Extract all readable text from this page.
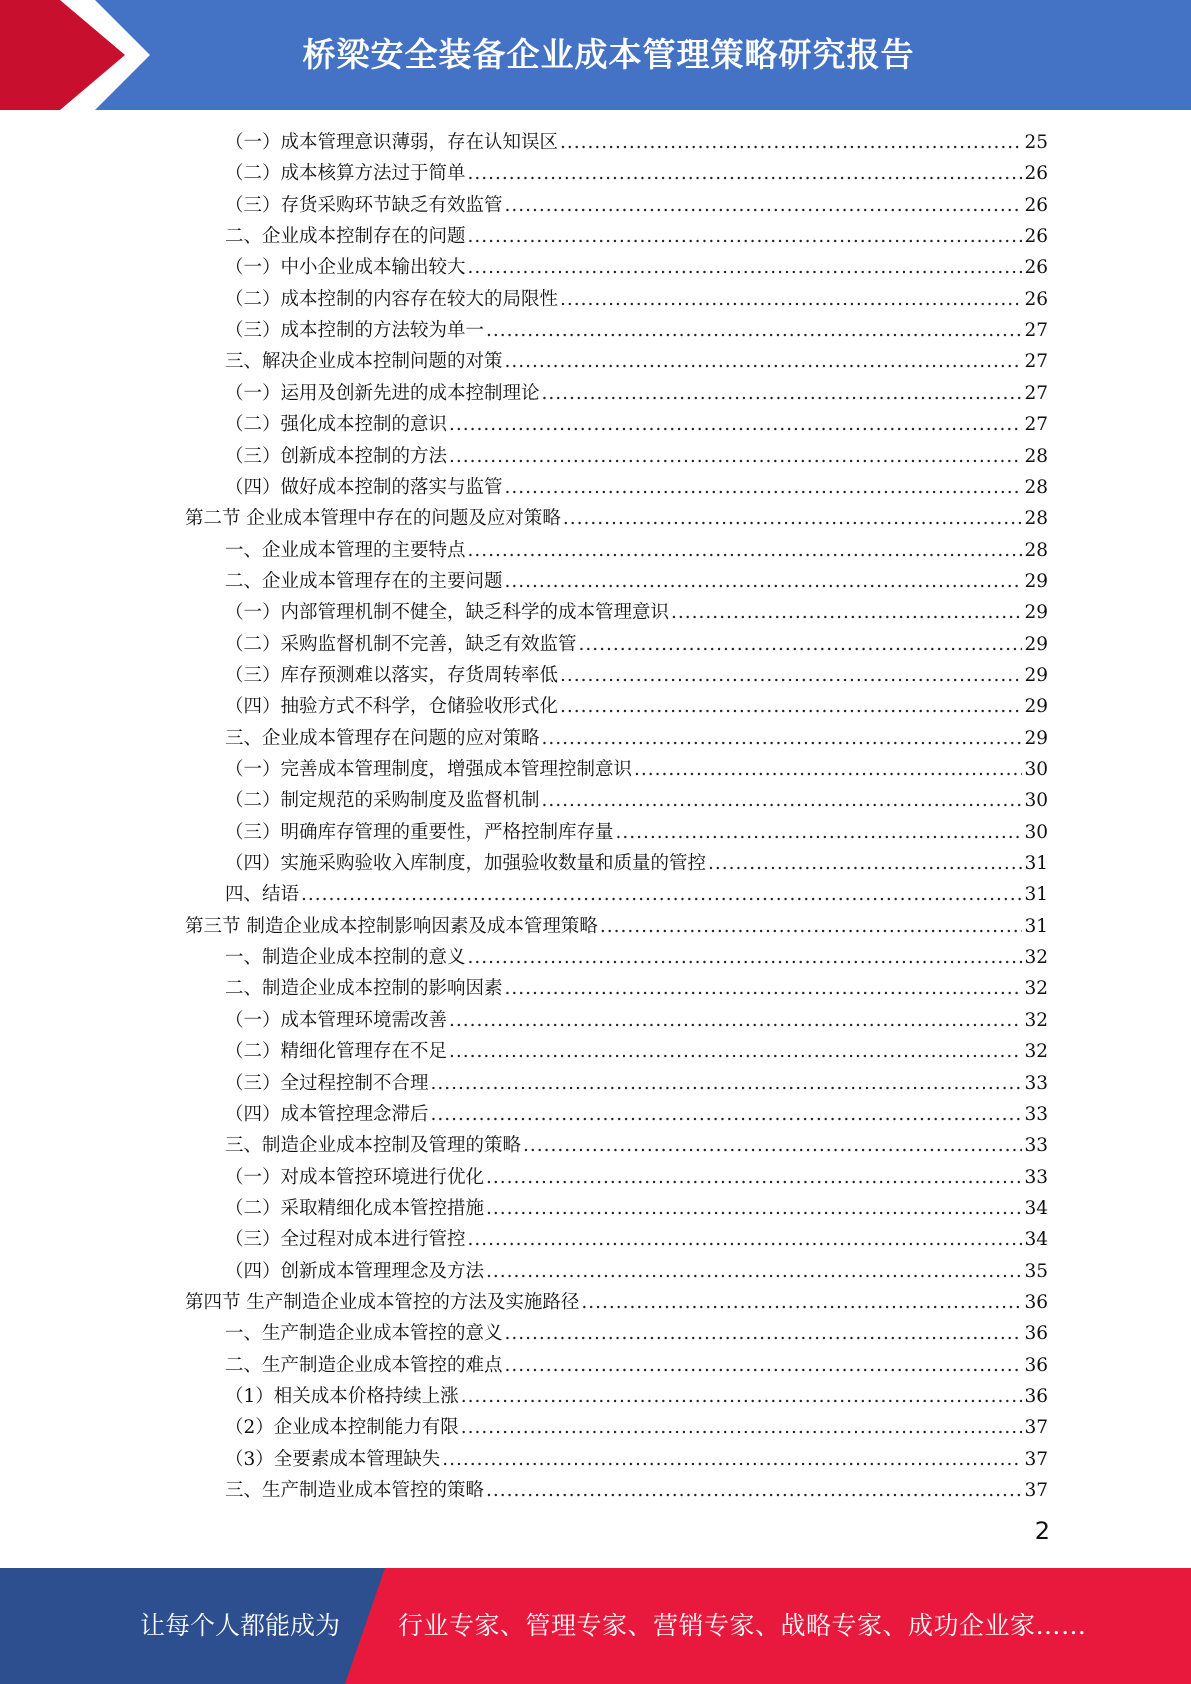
桥梁安全装备企业成本管理策略研究报告
（一）成本管理意识薄弱，存在认知误区 .....	25
（二）成本核算方法过于简单 .....	26
（三）存货采购环节缺乏有效监管 .....	26
二、企业成本控制存在的问题 .....	26
（一）中小企业成本输出较大 .....	26
（二）成本控制的内容存在较大的局限性 .....	26
（三）成本控制的方法较为单一 .....	27
三、解决企业成本控制问题的对策 .....	27
（一）运用及创新先进的成本控制理论 .....	27
（二）强化成本控制的意识 .....	27
（三）创新成本控制的方法 .....	28
（四）做好成本控制的落实与监管 .....	28
第二节 企业成本管理中存在的问题及应对策略 .....	28
一、企业成本管理的主要特点 .....	28
二、企业成本管理存在的主要问题 .....	29
（一）内部管理机制不健全，缺乏科学的成本管理意识 .....	29
（二）采购监督机制不完善，缺乏有效监管 .....	29
（三）库存预测难以落实，存货周转率低 .....	29
（四）抽验方式不科学，仓储验收形式化 .....	29
三、企业成本管理存在问题的应对策略 .....	29
（一）完善成本管理制度，增强成本管理控制意识 .....	30
（二）制定规范的采购制度及监督机制 .....	30
（三）明确库存管理的重要性，严格控制库存量 .....	30
（四）实施采购验收入库制度，加强验收数量和质量的管控 .....	31
四、结语 .....	31
第三节 制造企业成本控制影响因素及成本管理策略 .....	31
一、制造企业成本控制的意义 .....	32
二、制造企业成本控制的影响因素 .....	32
（一）成本管理环境需改善 .....	32
（二）精细化管理存在不足 .....	32
（三）全过程控制不合理 .....	33
（四）成本管控理念滞后 .....	33
三、制造企业成本控制及管理的策略 .....	33
（一）对成本管控环境进行优化 .....	33
（二）采取精细化成本管控措施 .....	34
（三）全过程对成本进行管控 .....	34
（四）创新成本管理理念及方法 .....	35
第四节 生产制造企业成本管控的方法及实施路径 .....	36
一、生产制造企业成本管控的意义 .....	36
二、生产制造企业成本管控的难点 .....	36
（1）相关成本价格持续上涨 .....	36
（2）企业成本控制能力有限 .....	37
（3）全要素成本管理缺失 .....	37
三、生产制造业成本管控的策略 .....	37
2
让每个人都能成为 行业专家、管理专家、营销专家、战略专家、成功企业家……
